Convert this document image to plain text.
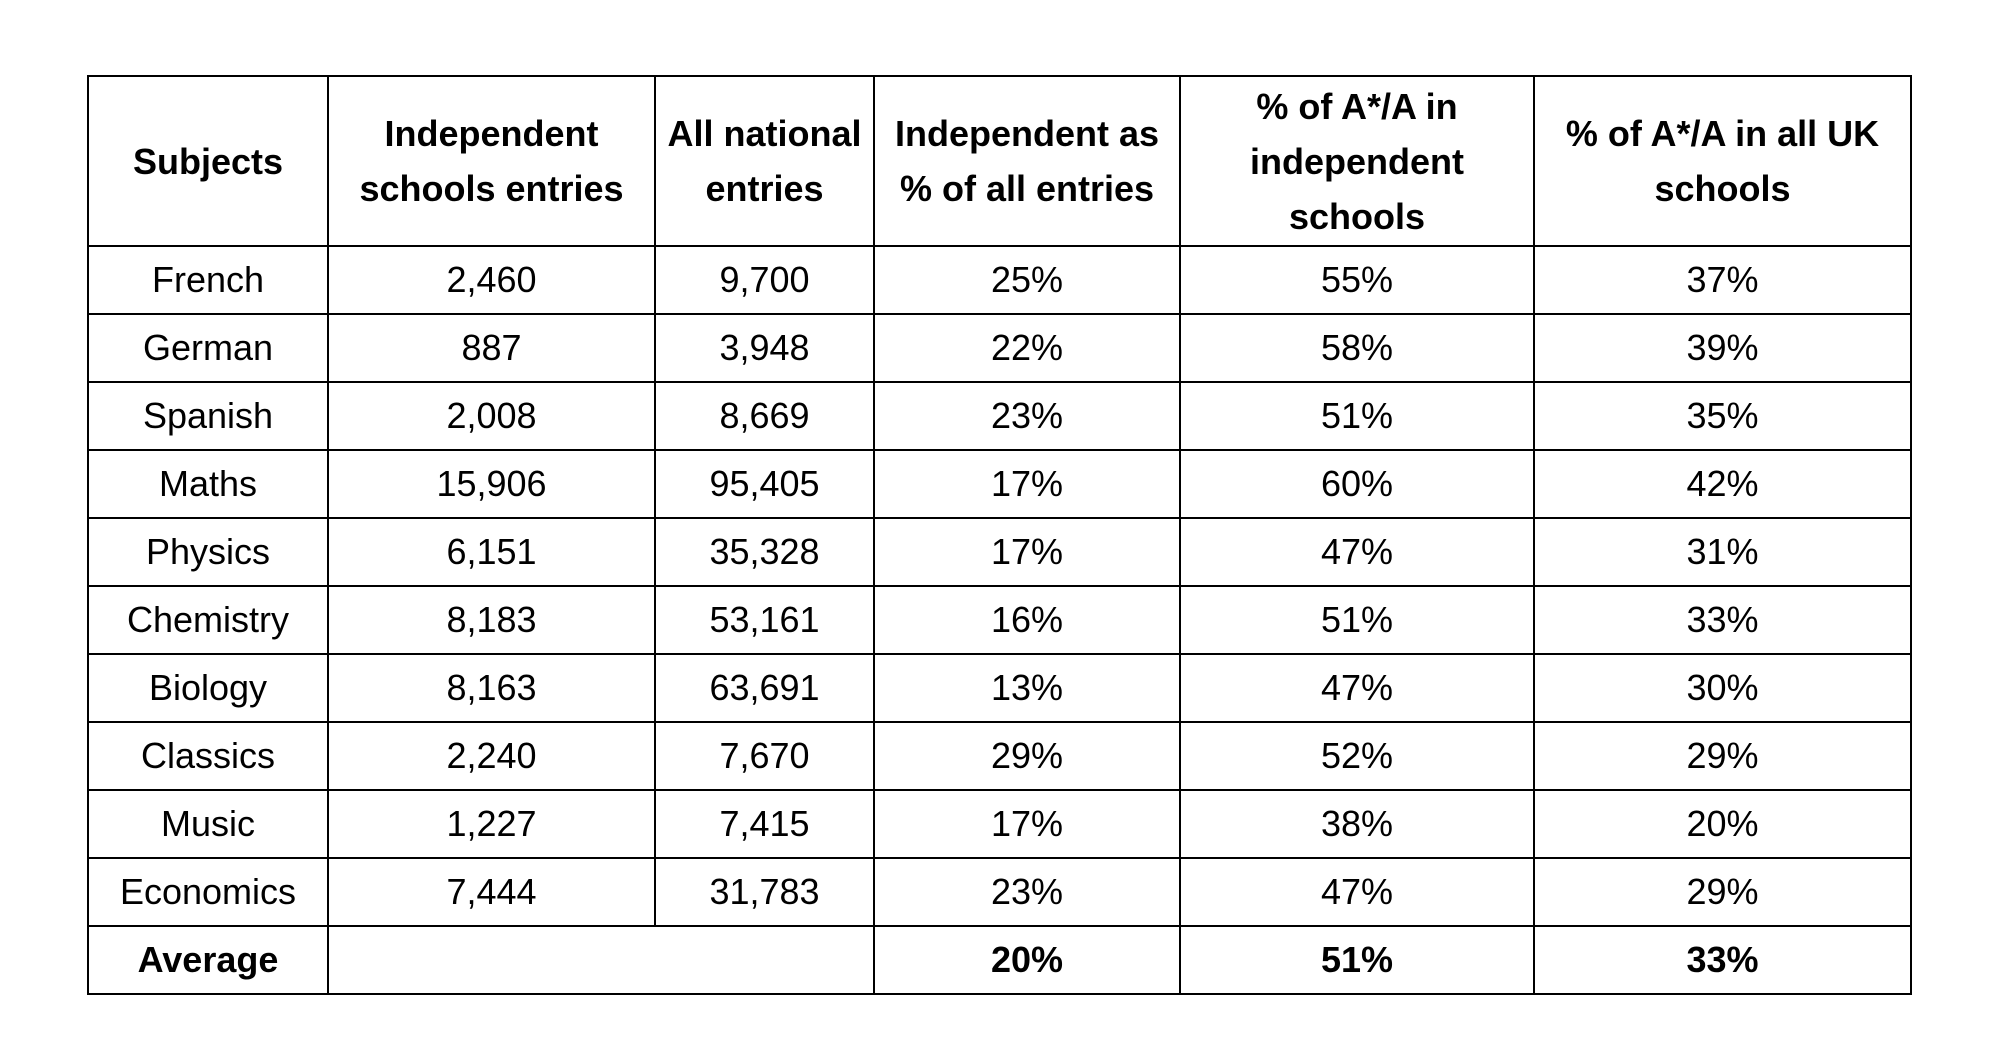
Subjects	Independent schools entries	All national entries	Independent as % of all entries	% of A*/A in independent schools	% of A*/A in all UK schools
French	2,460	9,700	25%	55%	37%
German	887	3,948	22%	58%	39%
Spanish	2,008	8,669	23%	51%	35%
Maths	15,906	95,405	17%	60%	42%
Physics	6,151	35,328	17%	47%	31%
Chemistry	8,183	53,161	16%	51%	33%
Biology	8,163	63,691	13%	47%	30%
Classics	2,240	7,670	29%	52%	29%
Music	1,227	7,415	17%	38%	20%
Economics	7,444	31,783	23%	47%	29%
Average			20%	51%	33%
